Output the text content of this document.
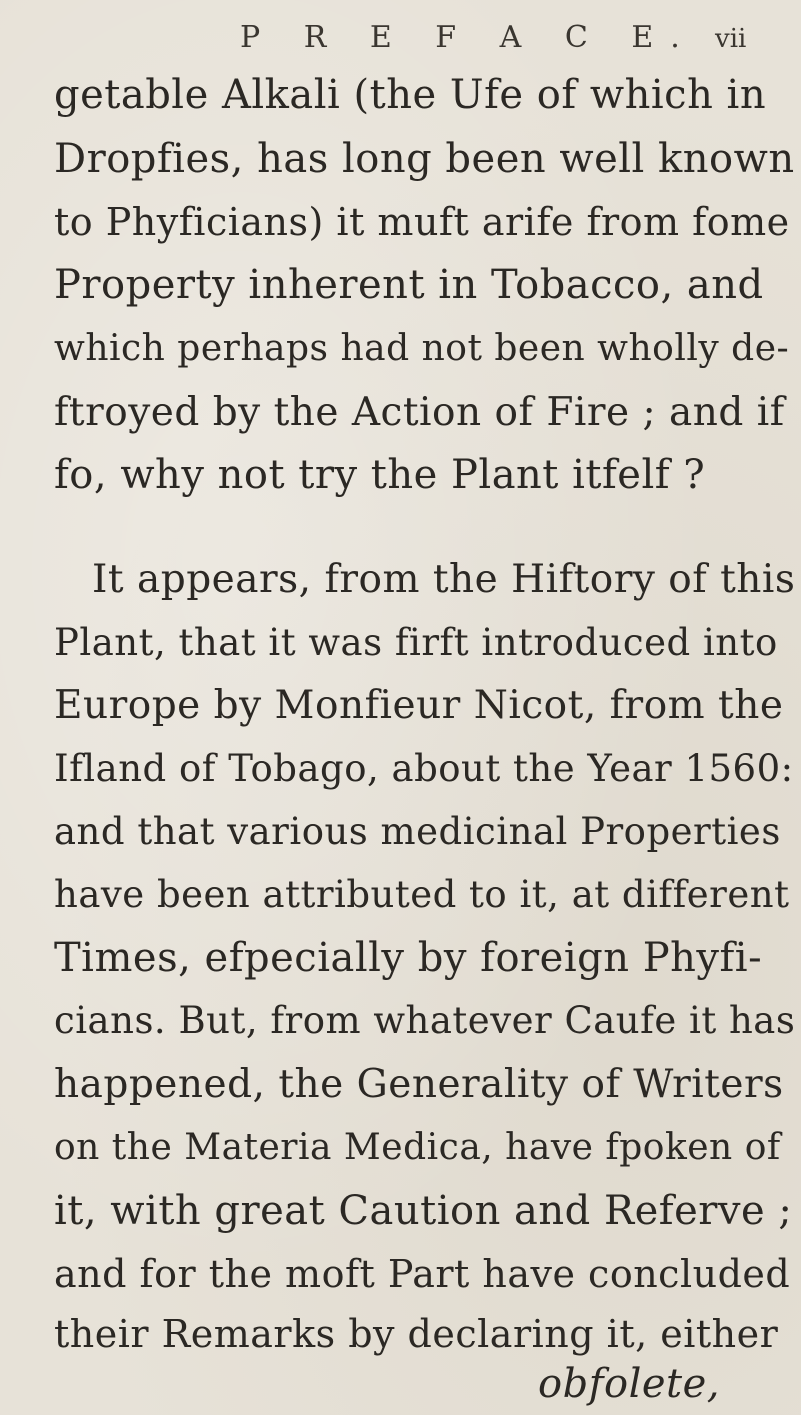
P R E F A C E. vii
getable Alkali (the Ufe of which in
Dropfies, has long been well known
to Phyficians) it muft arife from fome
Property inherent in Tobacco, and
which perhaps had not been wholly de-
ftroyed by the Action of Fire ; and if
fo, why not try the Plant itfelf ?
It appears, from the Hiftory of this
Plant, that it was firft introduced into
Europe by Monfieur Nicot, from the
Ifland of Tobago, about the Year 1560:
and that various medicinal Properties
have been attributed to it, at different
Times, efpecially by foreign Phyfi-
cians. But, from whatever Caufe it has
happened, the Generality of Writers
on the Materia Medica, have fpoken of
it, with great Caution and Referve ;
and for the moft Part have concluded
their Remarks by declaring it, either
obfolete,
